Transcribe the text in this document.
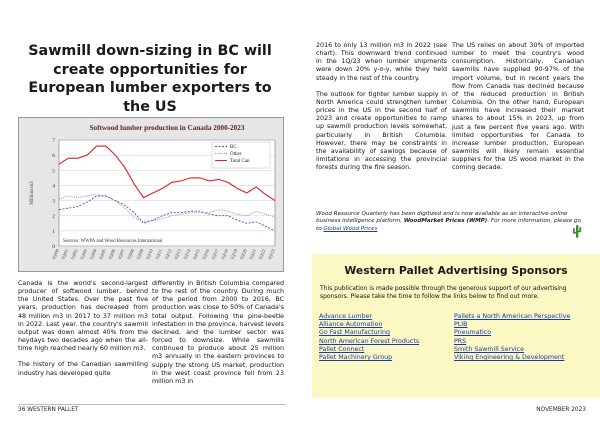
Sawmill down-sizing in BC will create opportunities for European lumber exporters to the US
7
6
5
4
3
2
1
0
Softwood lumber production in Canada 2000-2023
Million m3
1Q/00 1Q/01 1Q/02 1Q/03 1Q/04 1Q/05 1Q/06 1Q/07 1Q/08 1Q/09 1Q/10 1Q/11 1Q/12 1Q/13 1Q/14 1Q/15 1Q/16 1Q/17 1Q/18 1Q/19 1Q/20 1Q/21 1Q/22 1Q/23
BC
Other
Total Can
Sources: WWPA and Wood Resources International

Canada is the world's second-largest producer of softwood lumber, behind the United States. Over the past five years, production has decreased from 48 million m3 in 2017 to 37 million m3 in 2022. Last year, the country's sawmill output was down almost 40% from the heydays two decades ago when the all-time high reached nearly 60 million m3.

The history of the Canadian sawmilling industry has developed quite

differently in British Columbia compared to the rest of the country. During much of the period from 2000 to 2016, BC production was close to 50% of Canada's total output. Following the pine-beetle infestation in the province, harvest levels declined, and the lumber sector was forced to downsize. While sawmills continued to produce about 25 million m3 annually in the eastern provinces to supply the strong US market, production in the west coast province fell from 23 million m3 in

2016 to only 13 million m3 in 2022 (see chart). This downward trend continued in the 1Q/23 when lumber shipments were down 20% y-o-y, while they held steady in the rest of the country.

The outlook for tighter lumber supply in North America could strengthen lumber prices in the US in the second half of 2023 and create opportunities to ramp up sawmill production levels somewhat, particularly in British Columbia. However, there may be constraints in the availability of sawlogs because of limitations in accessing the provincial forests during the fire season.

The US relies on about 30% of imported lumber to meet the country's wood consumption. Historically, Canadian sawmills have supplied 90-97% of the import volume, but in recent years the flow from Canada has declined because of the reduced production in British Columbia. On the other hand, European sawmills have increased their market shares to about 15% in 2023, up from just a few percent five years ago. With limited opportunities for Canada to increase lumber production, European sawmills will likely remain essential suppliers for the US wood market in the coming decade.

Wood Resource Quarterly has been digitized and is now available as an interactive online business intelligence platform, WoodMarket Prices (WMP). For more information, please go to Global Wood Prices
Western Pallet Advertising Sponsors
This publication is made possible through the generous support of our advertising sponsors. Please take the time to follow the links below to find out more.
Advance Lumber
Alliance Automation
Go Fast Manufacturing
North American Forest Products
Pallet Connect
Pallet Machinery Group
Pallets a North American Perspective
PLIB
Pneumatico
PRS
Smith Sawmill Service
Viking Engineering & Development
36 WESTERN PALLET	NOVEMBER 2023
